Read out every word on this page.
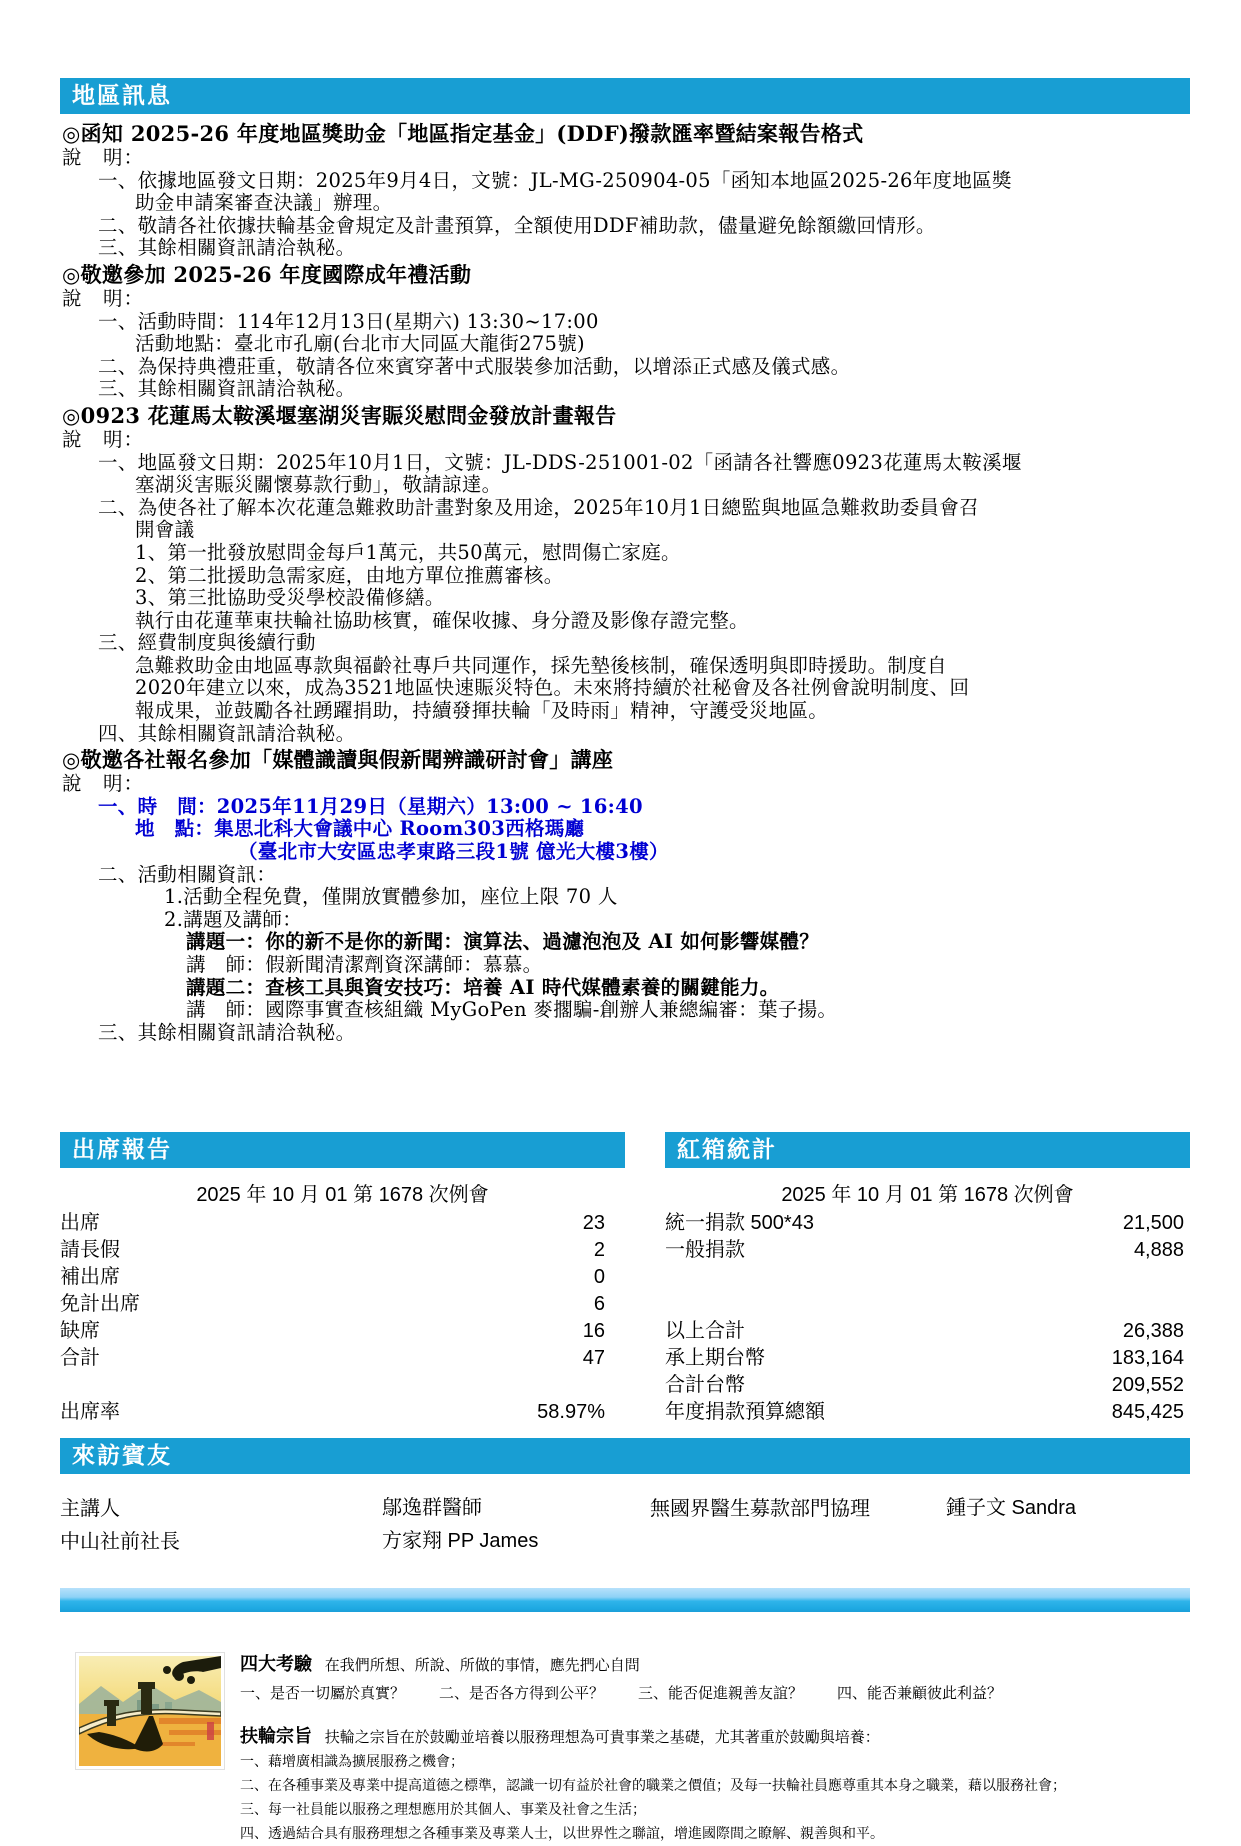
地區訊息
◎函知 2025-26 年度地區獎助金「地區指定基金」(DDF)撥款匯率暨結案報告格式
說　明：
一、依據地區發文日期：2025年9月4日，文號：JL-MG-250904-05「函知本地區2025-26年度地區獎
助金申請案審查決議」辦理。
二、敬請各社依據扶輪基金會規定及計畫預算，全額使用DDF補助款，儘量避免餘額繳回情形。
三、其餘相關資訊請洽執秘。
◎敬邀參加 2025-26 年度國際成年禮活動
說　明：
一、活動時間：114年12月13日(星期六) 13:30~17:00
活動地點：臺北市孔廟(台北市大同區大龍街275號)
二、為保持典禮莊重，敬請各位來賓穿著中式服裝參加活動，以增添正式感及儀式感。
三、其餘相關資訊請洽執秘。
◎0923 花蓮馬太鞍溪堰塞湖災害賑災慰問金發放計畫報告
說　明：
一、地區發文日期：2025年10月1日，文號：JL-DDS-251001-02「函請各社響應0923花蓮馬太鞍溪堰
塞湖災害賑災關懷募款行動」，敬請諒達。
二、為使各社了解本次花蓮急難救助計畫對象及用途，2025年10月1日總監與地區急難救助委員會召
開會議
1、第一批發放慰問金每戶1萬元，共50萬元，慰問傷亡家庭。
2、第二批援助急需家庭，由地方單位推薦審核。
3、第三批協助受災學校設備修繕。
執行由花蓮華東扶輪社協助核實，確保收據、身分證及影像存證完整。
三、經費制度與後續行動
急難救助金由地區專款與福齡社專戶共同運作，採先墊後核制，確保透明與即時援助。制度自
2020年建立以來，成為3521地區快速賑災特色。未來將持續於社秘會及各社例會說明制度、回
報成果，並鼓勵各社踴躍捐助，持續發揮扶輪「及時雨」精神，守護受災地區。
四、其餘相關資訊請洽執秘。
◎敬邀各社報名參加「媒體識讀與假新聞辨識研討會」講座
說　明：
一、時　間：2025年11月29日（星期六）13:00 ~ 16:40
地　點：集思北科大會議中心 Room303西格瑪廳
（臺北市大安區忠孝東路三段1號 億光大樓3樓）
二、活動相關資訊：
1.活動全程免費，僅開放實體參加，座位上限 70 人
2.講題及講師：
講題一：你的新不是你的新聞：演算法、過濾泡泡及 AI 如何影響媒體？
講　師：假新聞清潔劑資深講師：慕慕。
講題二：查核工具與資安技巧：培養 AI 時代媒體素養的關鍵能力。
講　師：國際事實查核組織 MyGoPen 麥擱騙-創辦人兼總編審：葉子揚。
三、其餘相關資訊請洽執秘。
出席報告
2025 年 10 月 01 第 1678 次例會
出席	23
請長假	2
補出席	0
免計出席	6
缺席	16
合計	47
出席率	58.97%
紅箱統計
2025 年 10 月 01 第 1678 次例會
統一捐款 500*43	21,500
一般捐款	4,888
以上合計	26,388
承上期台幣	183,164
合計台幣	209,552
年度捐款預算總額	845,425
來訪賓友
主講人	鄔逸群醫師	無國界醫生募款部門協理	鍾子文 Sandra
中山社前社長	方家翔 PP James
四大考驗 在我們所想、所說、所做的事情，應先捫心自問
一、是否一切屬於真實？ 二、是否各方得到公平？ 三、能否促進親善友誼？ 四、能否兼顧彼此利益？
扶輪宗旨 扶輪之宗旨在於鼓勵並培養以服務理想為可貴事業之基礎，尤其著重於鼓勵與培養：
一、藉增廣相識為擴展服務之機會；
二、在各種事業及專業中提高道德之標準，認識一切有益於社會的職業之價值；及每一扶輪社員應尊重其本身之職業，藉以服務社會；
三、每一社員能以服務之理想應用於其個人、事業及社會之生活；
四、透過結合具有服務理想之各種事業及專業人士，以世界性之聯誼，增進國際間之瞭解、親善與和平。
